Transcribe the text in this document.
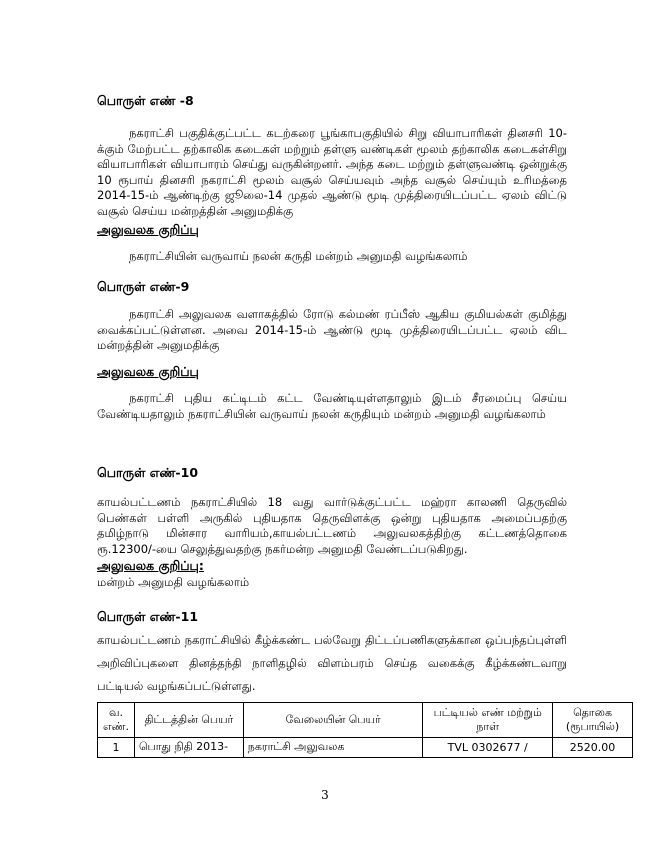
பொருள் எண் -8

நகராட்சி பகுதிக்குட்பட்ட கடற்கரை பூங்காபகுதியில் சிறு வியாபாரிகள் தினசரி 10-க்கும் மேற்பட்ட தற்காலிக கடைகள் மற்றும் தள்ளு வண்டிகள் மூலம் தற்காலிக கடைகள்சிறு வியாபாரிகள் வியாபாரம் செய்து வருகின்றனர். அந்த கடை மற்றும் தள்ளுவண்டி ஒன்றுக்கு 10 ரூபாய் தினசரி நகராட்சி மூலம் வசூல் செய்யவும் அந்த வசூல் செய்யும் உரிமத்தை 2014-15-ம் ஆண்டிற்கு ஜூலை-14 முதல் ஆண்டு மூடி முத்திரையிடப்பட்ட ஏலம் விட்டு வசூல் செய்ய மன்றத்தின் அனுமதிக்கு

அலுவலக குறிப்பு

நகராட்சியின் வருவாய் நலன் கருதி மன்றம் அனுமதி வழங்கலாம்

பொருள் எண்-9

நகராட்சி அலுவலக வளாகத்தில் ரோடு கல்மண் ரப்பீஸ் ஆகிய குமியல்கள் குமித்து வைக்கப்பட்டுள்ளன. அவை 2014-15-ம் ஆண்டு மூடி முத்திரையிடப்பட்ட ஏலம் விட மன்றத்தின் அனுமதிக்கு

அலுவலக குறிப்பு

நகராட்சி புதிய கட்டிடம் கட்ட வேண்டியுள்ளதாலும் இடம் சீரமைப்பு செய்ய வேண்டியதாலும் நகராட்சியின் வருவாய் நலன் கருதியும் மன்றம் அனுமதி வழங்கலாம்

பொருள் எண்-10

காயல்பட்டணம் நகராட்சியில் 18 வது வார்டுக்குட்பட்ட மஹ்ரா காலணி தெருவில் பெண்கள் பள்ளி அருகில் புதியதாக தெருவிளக்கு ஒன்று புதியதாக அமைப்பதற்கு தமிழ்நாடு மின்சார வாரியம்,காயல்பட்டணம் அலுவலகத்திற்கு கட்டணத்தொகை ரூ.12300/-யை செலுத்துவதற்கு நகர்மன்ற அனுமதி வேண்டப்படுகிறது.

அலுவலக குறிப்பு:

மன்றம் அனுமதி வழங்கலாம்

பொருள் எண்-11

காயல்பட்டணம் நகராட்சியில் கீழ்க்கண்ட பல்வேறு திட்டப்பணிகளுக்கான ஒப்பந்தப்புள்ளி அறிவிப்புகளை தினத்தந்தி நாளிதழில் விளம்பரம் செய்த வகைக்கு கீழ்க்கண்டவாறு பட்டியல் வழங்கப்பட்டுள்ளது.

வ. எண்.	திட்டத்தின் பெயர்	வேலையின் பெயர்	பட்டியல் எண் மற்றும் நாள்	தொகை (ரூபாயில்)
1	பொது நிதி 2013-	நகராட்சி அலுவலக	TVL 0302677 /	2520.00
3
